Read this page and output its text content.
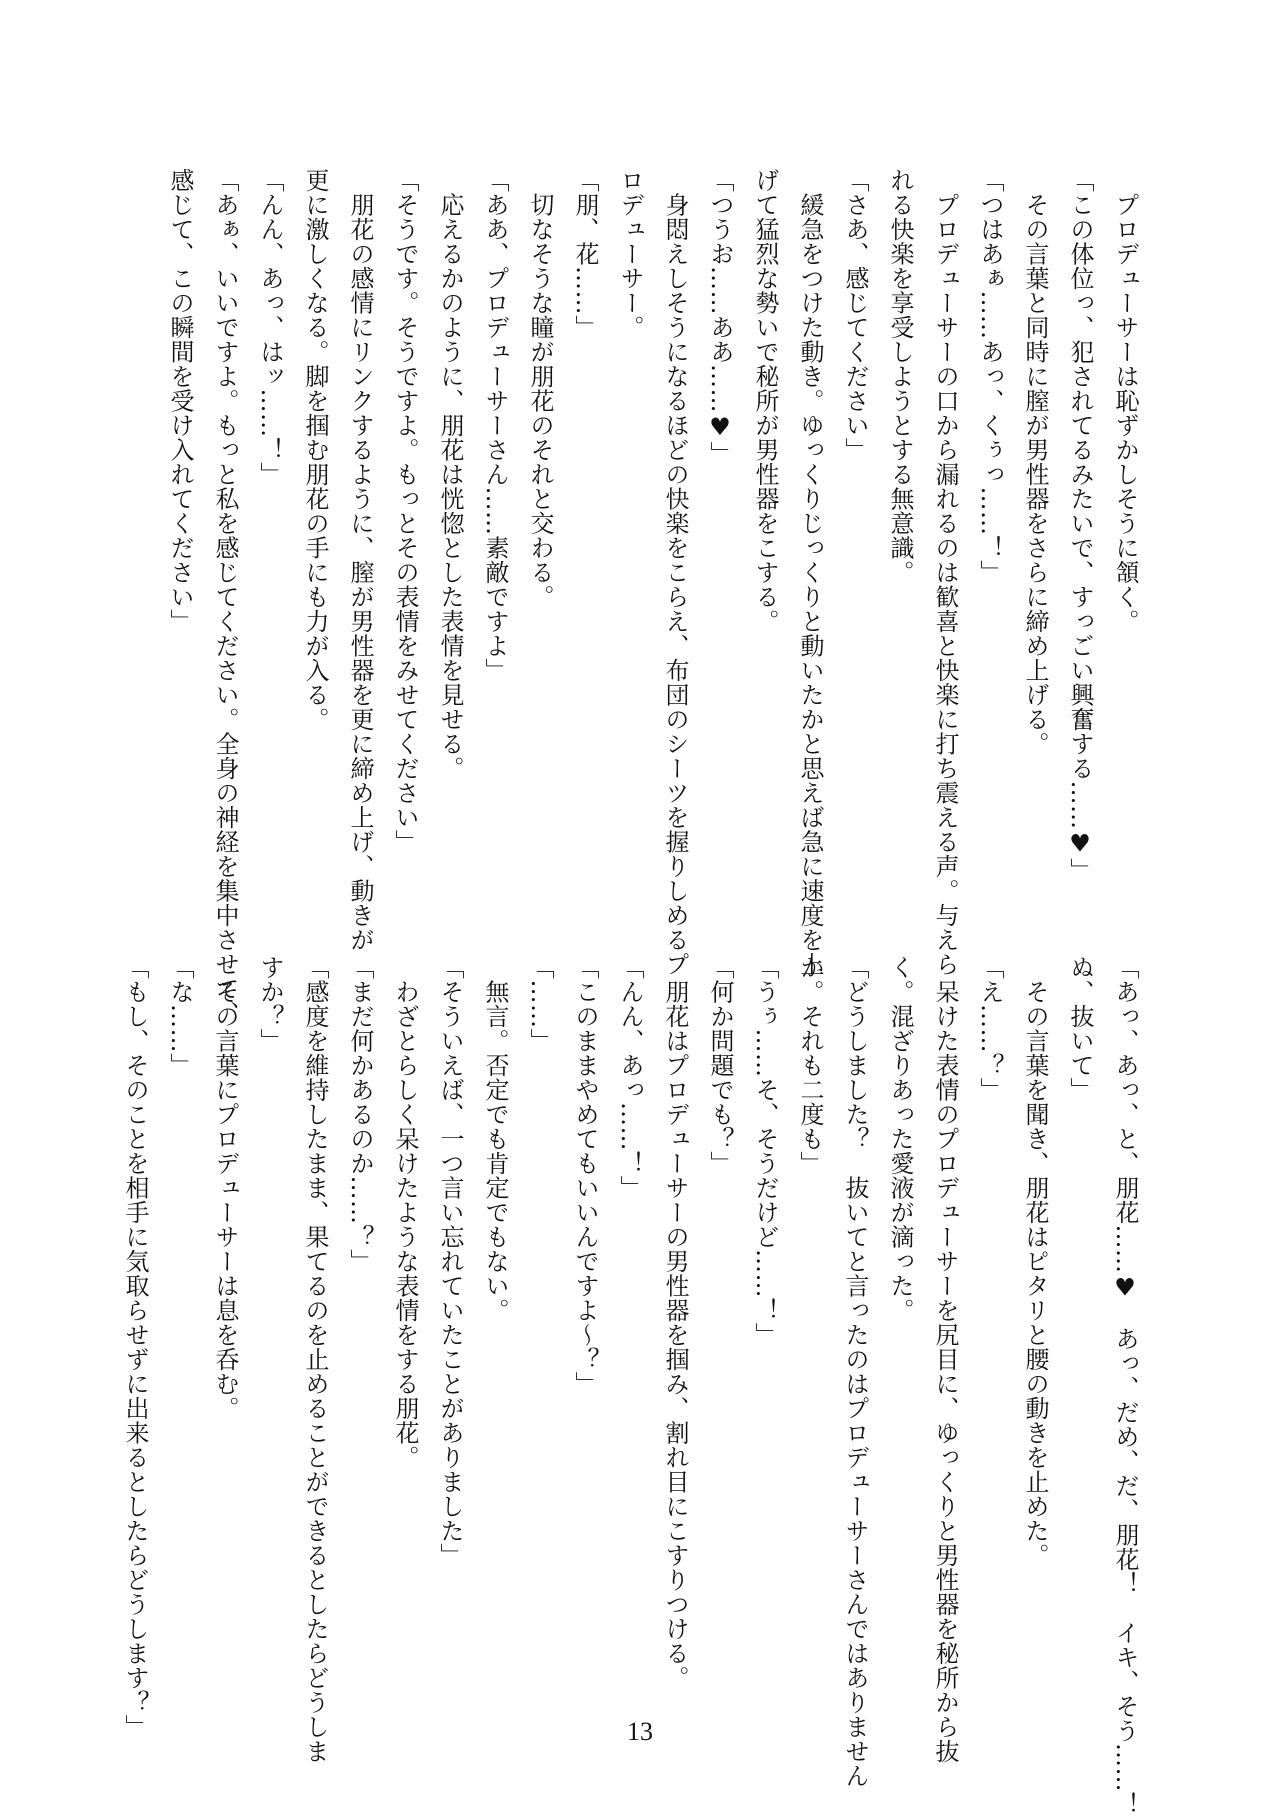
　プロデューサーは恥ずかしそうに頷く。
「この体位っ、犯されてるみたいで、すっごい興奮する……♥」
　その言葉と同時に膣が男性器をさらに締め上げる。
「つはあぁ……あっ、くぅっ……！」
　プロデューサーの口から漏れるのは歓喜と快楽に打ち震える声。与えら
れる快楽を享受しようとする無意識。
「さあ、感じてください」
　緩急をつけた動き。ゆっくりじっくりと動いたかと思えば急に速度を上
げて猛烈な勢いで秘所が男性器をこする。
「つうお……ああ……♥」
　身悶えしそうになるほどの快楽をこらえ、布団のシーツを握りしめるプ
ロデューサー。
「朋、花……」
　切なそうな瞳が朋花のそれと交わる。
「ああ、プロデューサーさん……素敵ですよ」
　応えるかのように、朋花は恍惚とした表情を見せる。
「そうです。そうですよ。もっとその表情をみせてください」
　朋花の感情にリンクするように、膣が男性器を更に締め上げ、動きが
更に激しくなる。脚を掴む朋花の手にも力が入る。
「んん、あっ、はッ……！」
「あぁ、いいですよ。もっと私を感じてください。全身の神経を集中させて、
感じて、この瞬間を受け入れてください」
「あっ、あっ、と、朋花……♥　あっ、だめ、だ、朋花！　イキ、そう……！
ぬ、抜いて」
　その言葉を聞き、朋花はピタリと腰の動きを止めた。
「え……？」
　呆けた表情のプロデューサーを尻目に、ゆっくりと男性器を秘所から抜
く。混ざりあった愛液が滴った。
「どうしました？　抜いてと言ったのはプロデューサーさんではありません
か。それも二度も」
「うぅ……そ、そうだけど……！」
「何か問題でも？」
　朋花はプロデューサーの男性器を掴み、割れ目にこすりつける。
「んん、あっ……！」
「このままやめてもいいんですよ～？」
「……」
　無言。否定でも肯定でもない。
「そういえば、一つ言い忘れていたことがありました」
　わざとらしく呆けたような表情をする朋花。
「まだ何かあるのか……？」
「感度を維持したまま、果てるのを止めることができるとしたらどうしま
すか？」
　その言葉にプロデューサーは息を呑む。
「な……」
「もし、そのことを相手に気取らせずに出来るとしたらどうします？」	13
